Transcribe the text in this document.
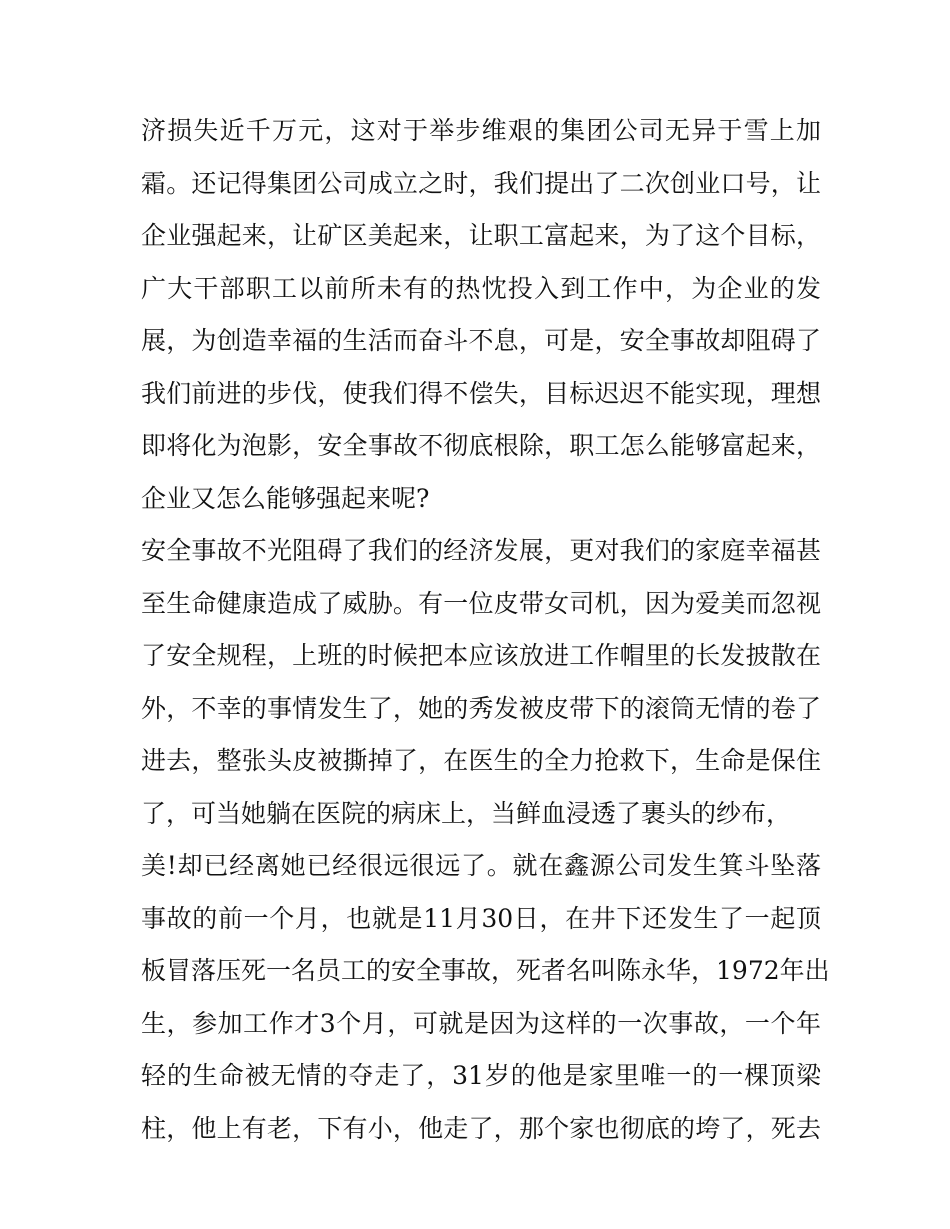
济损失近千万元，这对于举步维艰的集团公司无异于雪上加
霜。还记得集团公司成立之时，我们提出了二次创业口号，让
企业强起来，让矿区美起来，让职工富起来，为了这个目标，
广大干部职工以前所未有的热忱投入到工作中，为企业的发
展，为创造幸福的生活而奋斗不息，可是，安全事故却阻碍了
我们前进的步伐，使我们得不偿失，目标迟迟不能实现，理想
即将化为泡影，安全事故不彻底根除，职工怎么能够富起来，
企业又怎么能够强起来呢?
安全事故不光阻碍了我们的经济发展，更对我们的家庭幸福甚
至生命健康造成了威胁。有一位皮带女司机，因为爱美而忽视
了安全规程，上班的时候把本应该放进工作帽里的长发披散在
外，不幸的事情发生了，她的秀发被皮带下的滚筒无情的卷了
进去，整张头皮被撕掉了，在医生的全力抢救下，生命是保住
了，可当她躺在医院的病床上，当鲜血浸透了裹头的纱布，
美!却已经离她已经很远很远了。就在鑫源公司发生箕斗坠落
事故的前一个月，也就是11月30日，在井下还发生了一起顶
板冒落压死一名员工的安全事故，死者名叫陈永华，1972年出
生，参加工作才3个月，可就是因为这样的一次事故，一个年
轻的生命被无情的夺走了，31岁的他是家里唯一的一棵顶梁
柱，他上有老，下有小，他走了，那个家也彻底的垮了，死去
